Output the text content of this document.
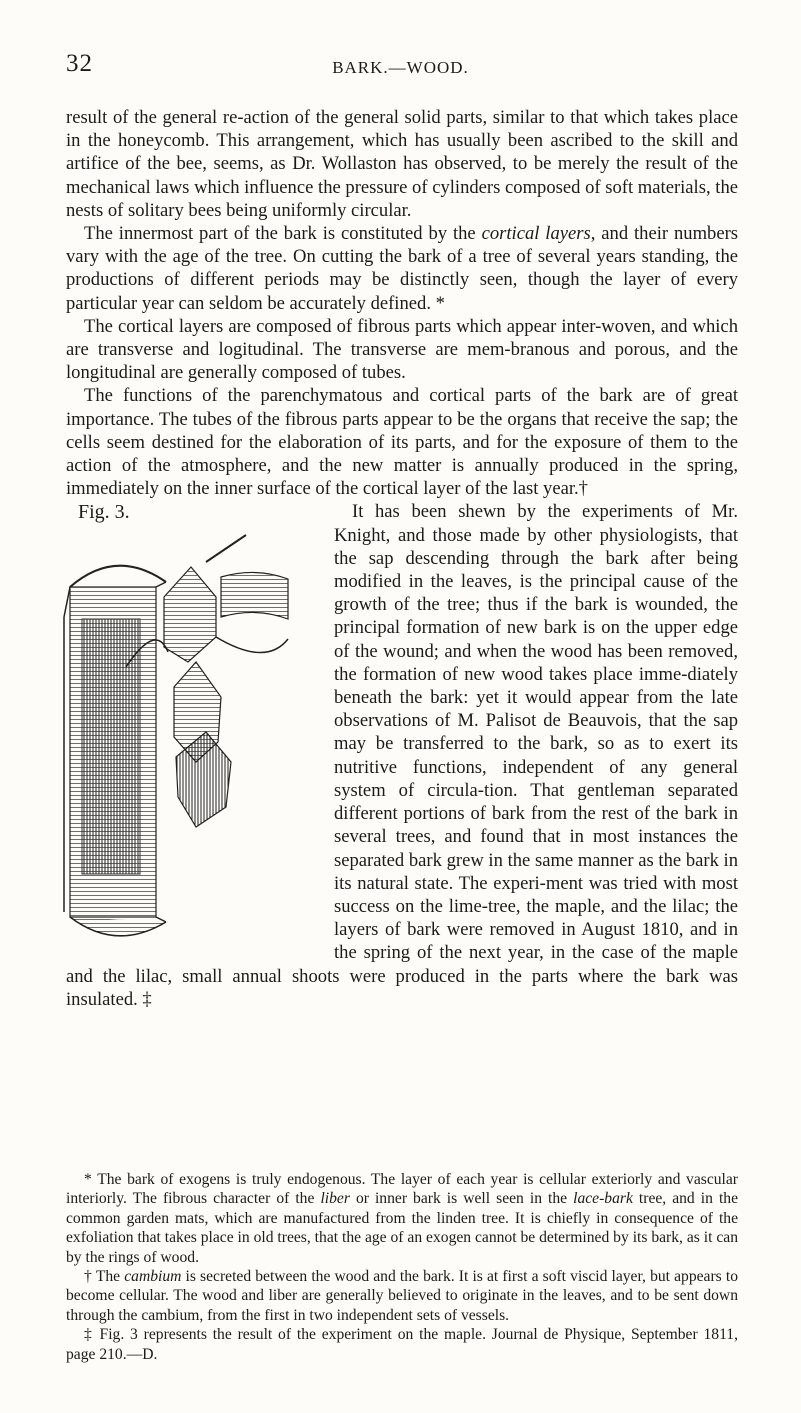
32	BARK.—WOOD.

result of the general re-action of the general solid parts, similar to that which takes place in the honeycomb. This arrangement, which has usually been ascribed to the skill and artifice of the bee, seems, as Dr. Wollaston has observed, to be merely the result of the mechanical laws which influence the pressure of cylinders composed of soft materials, the nests of solitary bees being uniformly circular.

The innermost part of the bark is constituted by the cortical layers, and their numbers vary with the age of the tree. On cutting the bark of a tree of several years standing, the productions of different periods may be distinctly seen, though the layer of every particular year can seldom be accurately defined. *

The cortical layers are composed of fibrous parts which appear inter-woven, and which are transverse and logitudinal. The transverse are mem-branous and porous, and the longitudinal are generally composed of tubes.

The functions of the parenchymatous and cortical parts of the bark are of great importance. The tubes of the fibrous parts appear to be the organs that receive the sap; the cells seem destined for the elaboration of its parts, and for the exposure of them to the action of the atmosphere, and the new matter is annually produced in the spring, immediately on the inner surface of the cortical layer of the last year.†

Fig. 3.	It has been shewn by the experiments of Mr. Knight, and those made by other physiologists, that the sap descending through the bark after being modified in the leaves, is the principal cause of the growth of the tree; thus if the bark is wounded, the principal formation of new bark is on the upper edge of the wound; and when the wood has been removed, the formation of new wood takes place imme-diately beneath the bark: yet it would appear from the late observations of M. Palisot de Beauvois, that the sap may be transferred to the bark, so as to exert its nutritive functions, independent of any general system of circula-tion. That gentleman separated different portions of bark from the rest of the bark in several trees, and found that in most instances the separated bark grew in the same manner as the bark in its natural state. The experi-ment was tried with most success on the lime-tree, the maple, and the lilac; the layers of bark were removed in August 1810, and in the spring of the next year, in the case of the maple and the lilac, small annual shoots were produced in the parts where the bark was insulated. ‡

* The bark of exogens is truly endogenous. The layer of each year is cellular exteriorly and vascular interiorly. The fibrous character of the liber or inner bark is well seen in the lace-bark tree, and in the common garden mats, which are manufactured from the linden tree. It is chiefly in consequence of the exfoliation that takes place in old trees, that the age of an exogen cannot be determined by its bark, as it can by the rings of wood.

† The cambium is secreted between the wood and the bark. It is at first a soft viscid layer, but appears to become cellular. The wood and liber are generally believed to originate in the leaves, and to be sent down through the cambium, from the first in two independent sets of vessels.

‡ Fig. 3 represents the result of the experiment on the maple. Journal de Physique, September 1811, page 210.—D.
